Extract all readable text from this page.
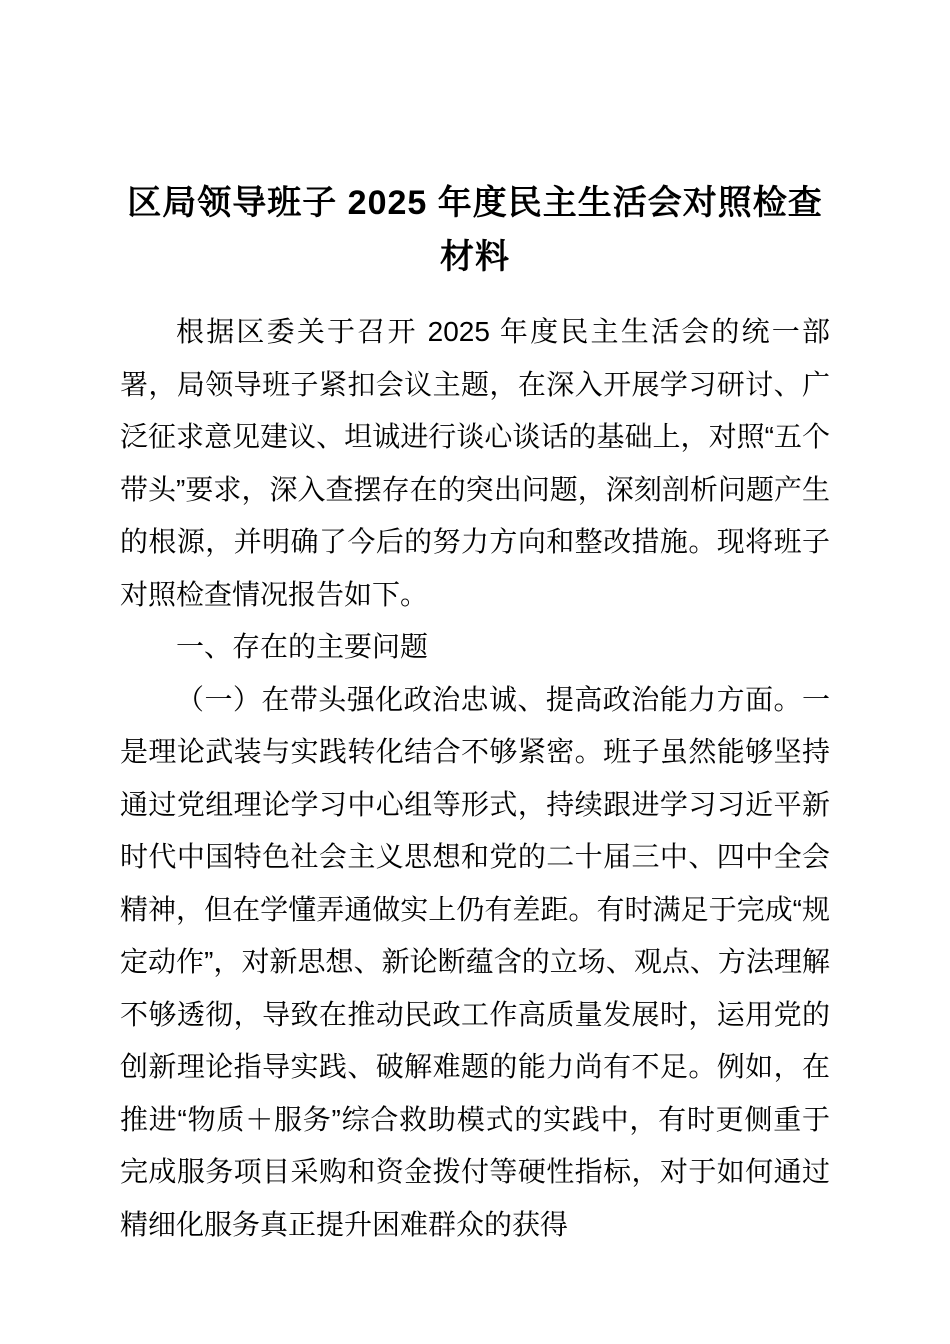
区局领导班子 2025 年度民主生活会对照检查材料

根据区委关于召开 2025 年度民主生活会的统一部署，局领导班子紧扣会议主题，在深入开展学习研讨、广泛征求意见建议、坦诚进行谈心谈话的基础上，对照“五个带头”要求，深入查摆存在的突出问题，深刻剖析问题产生的根源，并明确了今后的努力方向和整改措施。现将班子对照检查情况报告如下。

一、存在的主要问题

（一）在带头强化政治忠诚、提高政治能力方面。一是理论武装与实践转化结合不够紧密。班子虽然能够坚持通过党组理论学习中心组等形式，持续跟进学习习近平新时代中国特色社会主义思想和党的二十届三中、四中全会精神，但在学懂弄通做实上仍有差距。有时满足于完成“规定动作”，对新思想、新论断蕴含的立场、观点、方法理解不够透彻，导致在推动民政工作高质量发展时，运用党的创新理论指导实践、破解难题的能力尚有不足。例如，在推进“物质＋服务”综合救助模式的实践中，有时更侧重于完成服务项目采购和资金拨付等硬性指标，对于如何通过精细化服务真正提升困难群众的获得
